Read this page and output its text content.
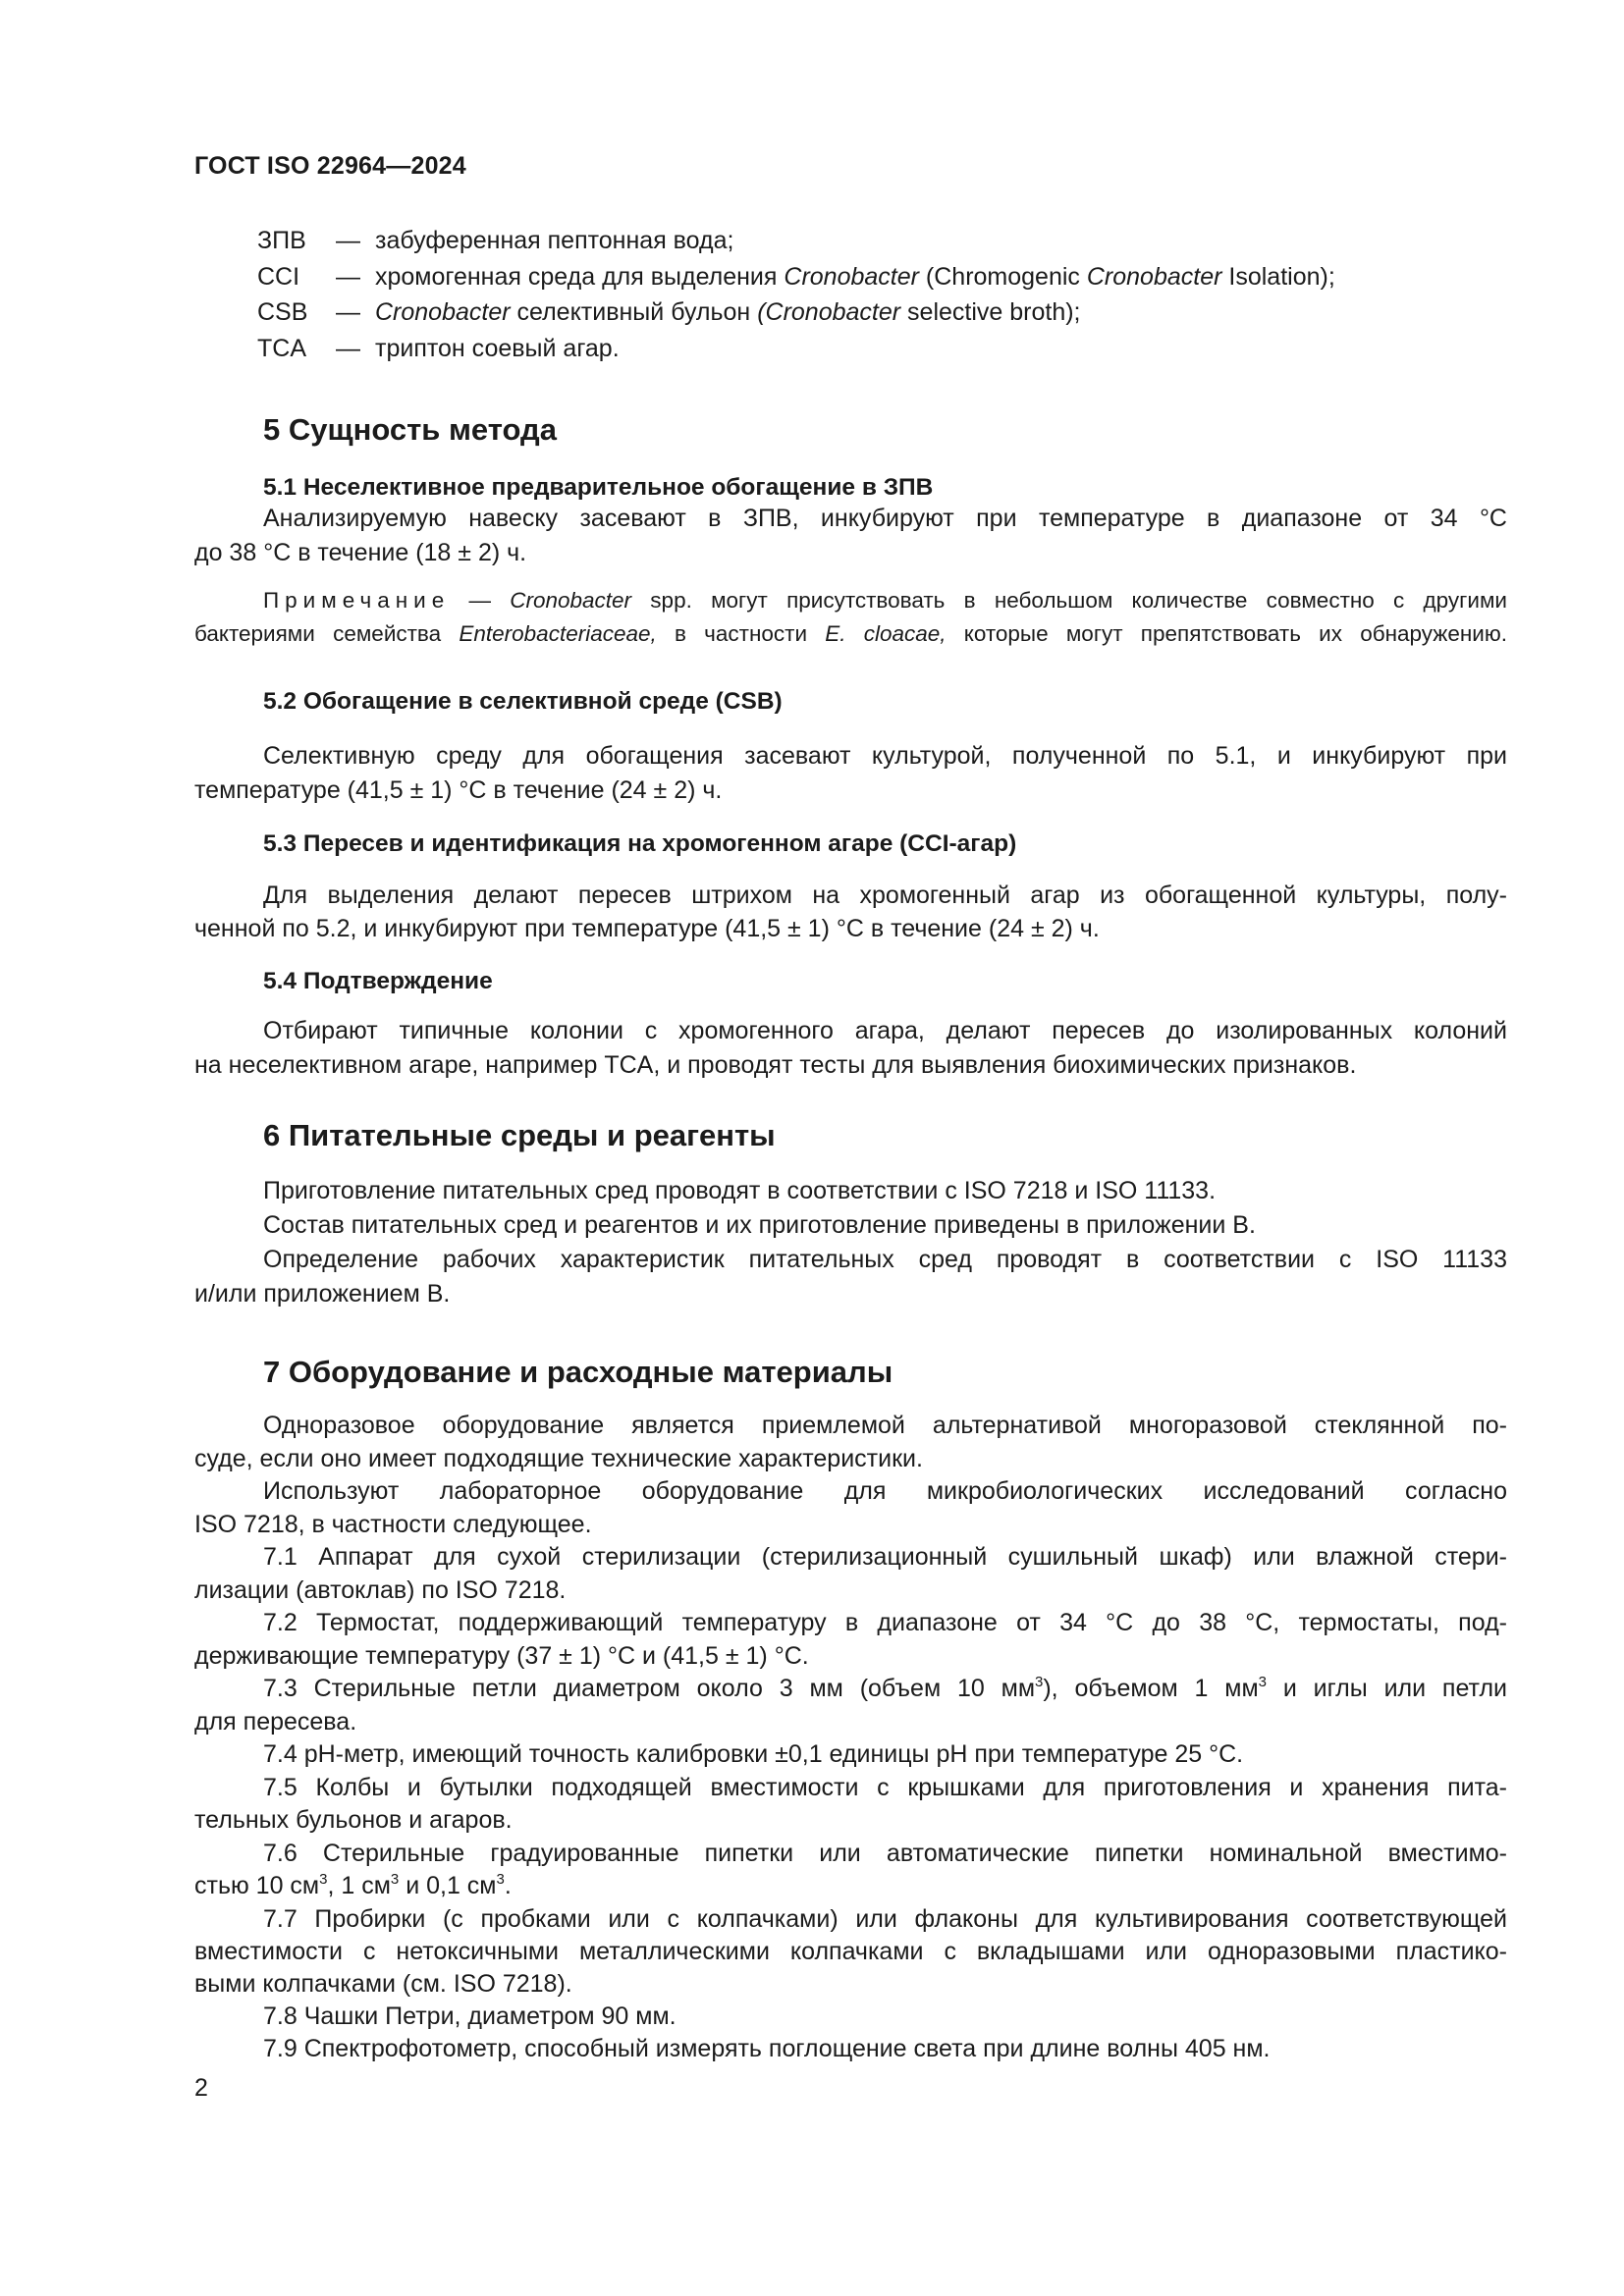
ГОСТ ISO 22964—2024
ЗПВ — забуференная пептонная вода;
CCI — хромогенная среда для выделения Cronobacter (Chromogenic Cronobacter Isolation);
CSB — Cronobacter селективный бульон (Cronobacter selective broth);
TCA — триптон соевый агар.
5 Сущность метода
5.1 Неселективное предварительное обогащение в ЗПВ
Анализируемую навеску засевают в ЗПВ, инкубируют при температуре в диапазоне от 34 °C
до 38 °C в течение (18 ± 2) ч.
Примечание — Cronobacter spp. могут присутствовать в небольшом количестве совместно с другими
бактериями семейства Enterobacteriaceae, в частности E. cloacae, которые могут препятствовать их обнаружению.
5.2 Обогащение в селективной среде (CSB)
Селективную среду для обогащения засевают культурой, полученной по 5.1, и инкубируют при
температуре (41,5 ± 1) °C в течение (24 ± 2) ч.
5.3 Пересев и идентификация на хромогенном агаре (CCI-агар)
Для выделения делают пересев штрихом на хромогенный агар из обогащенной культуры, полу-
ченной по 5.2, и инкубируют при температуре (41,5 ± 1) °C в течение (24 ± 2) ч.
5.4 Подтверждение
Отбирают типичные колонии с хромогенного агара, делают пересев до изолированных колоний
на неселективном агаре, например TCA, и проводят тесты для выявления биохимических признаков.
6 Питательные среды и реагенты
Приготовление питательных сред проводят в соответствии с ISO 7218 и ISO 11133.
Состав питательных сред и реагентов и их приготовление приведены в приложении В.
Определение рабочих характеристик питательных сред проводят в соответствии с ISO 11133
и/или приложением В.
7 Оборудование и расходные материалы
Одноразовое оборудование является приемлемой альтернативой многоразовой стеклянной по-
суде, если оно имеет подходящие технические характеристики.
Используют лабораторное оборудование для микробиологических исследований согласно
ISO 7218, в частности следующее.
7.1 Аппарат для сухой стерилизации (стерилизационный сушильный шкаф) или влажной стери-
лизации (автоклав) по ISO 7218.
7.2 Термостат, поддерживающий температуру в диапазоне от 34 °C до 38 °C, термостаты, под-
держивающие температуру (37 ± 1) °C и (41,5 ± 1) °C.
7.3 Стерильные петли диаметром около 3 мм (объем 10 $мм^3$), объемом 1 $мм^3$ и иглы или петли
для пересева.
7.4 pH-метр, имеющий точность калибровки ±0,1 единицы pH при температуре 25 °C.
7.5 Колбы и бутылки подходящей вместимости с крышками для приготовления и хранения пита-
тельных бульонов и агаров.
7.6 Стерильные градуированные пипетки или автоматические пипетки номинальной вместимо-
стью 10 $см^3$, 1 $см^3$ и 0,1 $см^3$.
7.7 Пробирки (с пробками или с колпачками) или флаконы для культивирования соответствующей
вместимости с нетоксичными металлическими колпачками с вкладышами или одноразовыми пластико-
выми колпачками (см. ISO 7218).
7.8 Чашки Петри, диаметром 90 мм.
7.9 Спектрофотометр, способный измерять поглощение света при длине волны 405 нм.
2
